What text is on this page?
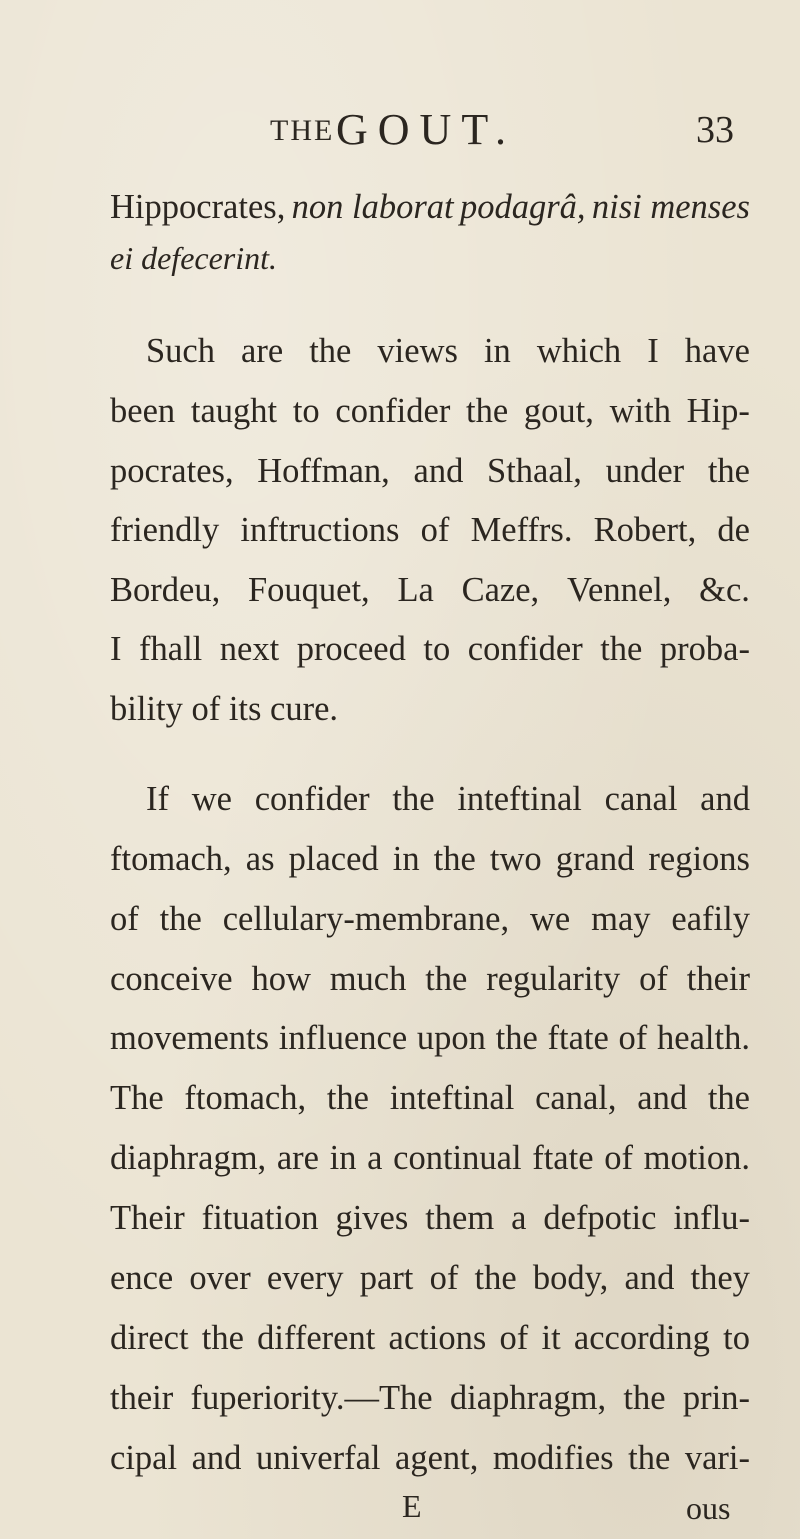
THE GOUT.	33
Hippocrates, non laborat podagrâ, nisi menses
ei defecerint.
Such are the views in which I have
been taught to confider the gout, with Hip-
pocrates, Hoffman, and Sthaal, under the
friendly inftructions of Meffrs. Robert, de
Bordeu, Fouquet, La Caze, Vennel, &c.
I fhall next proceed to confider the proba-
bility of its cure.
If we confider the inteftinal canal and
ftomach, as placed in the two grand regions
of the cellulary-membrane, we may eafily
conceive how much the regularity of their
movements influence upon the ftate of health.
The ftomach, the inteftinal canal, and the
diaphragm, are in a continual ftate of motion.
Their fituation gives them a defpotic influ-
ence over every part of the body, and they
direct the different actions of it according to
their fuperiority.—The diaphragm, the prin-
cipal and univerfal agent, modifies the vari-
E	ous
